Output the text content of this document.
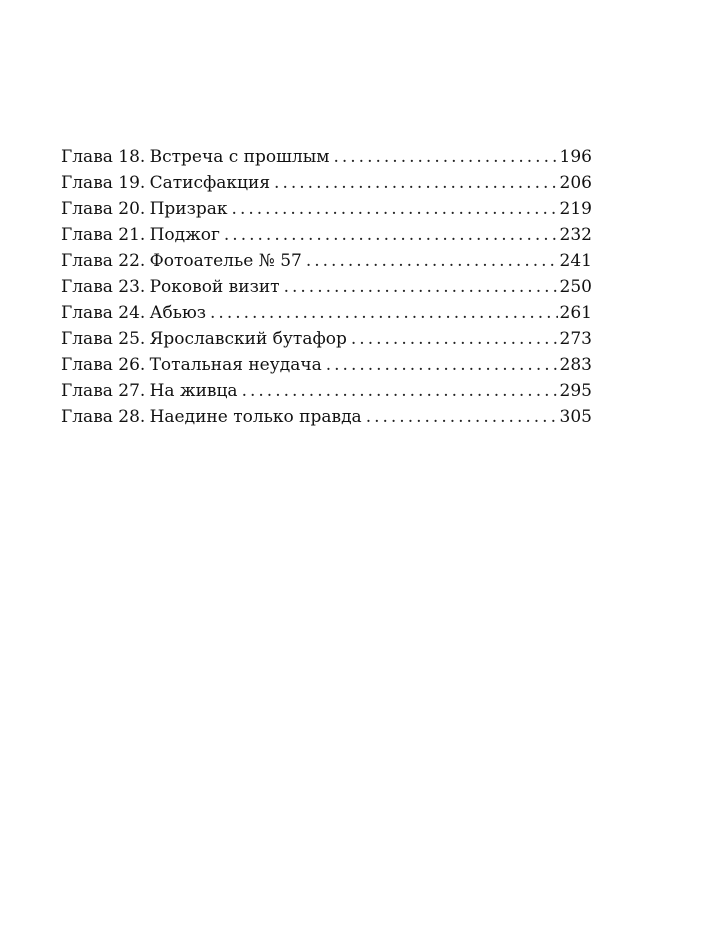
Глава 18. Встреча с прошлым .....	196
Глава 19. Сатисфакция .....	206
Глава 20. Призрак .....	219
Глава 21. Поджог .....	232
Глава 22. Фотоателье № 57 .....	241
Глава 23. Роковой визит .....	250
Глава 24. Абьюз .....	261
Глава 25. Ярославский бутафор .....	273
Глава 26. Тотальная неудача .....	283
Глава 27. На живца .....	295
Глава 28. Наедине только правда .....	305
